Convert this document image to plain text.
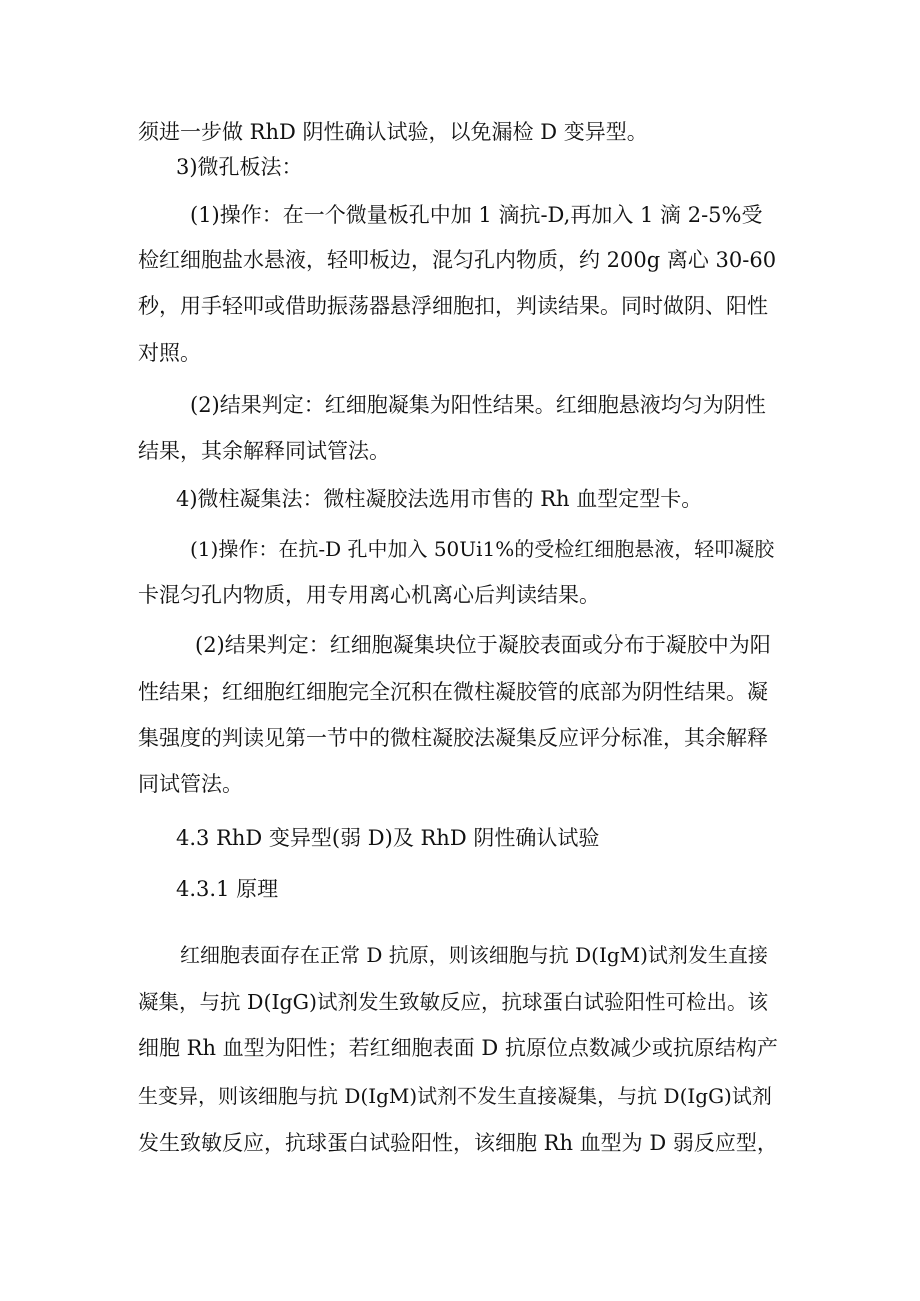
须进一步做 RhD 阴性确认试验，以免漏检 D 变异型。

3)微孔板法：

(1)操作：在一个微量板孔中加 1 滴抗-D,再加入 1 滴 2-5%受

检红细胞盐水悬液，轻叩板边，混匀孔内物质，约 200g 离心 30-60

秒，用手轻叩或借助振荡器悬浮细胞扣，判读结果。同时做阴、阳性

对照。

(2)结果判定：红细胞凝集为阳性结果。红细胞悬液均匀为阴性

结果，其余解释同试管法。

4)微柱凝集法：微柱凝胶法选用市售的 Rh 血型定型卡。

(1)操作：在抗-D 孔中加入 50Ui1%的受检红细胞悬液，轻叩凝胶

卡混匀孔内物质，用专用离心机离心后判读结果。

(2)结果判定：红细胞凝集块位于凝胶表面或分布于凝胶中为阳

性结果；红细胞红细胞完全沉积在微柱凝胶管的底部为阴性结果。凝

集强度的判读见第一节中的微柱凝胶法凝集反应评分标准，其余解释

同试管法。

4.3 RhD 变异型(弱 D)及 RhD 阴性确认试验

4.3.1 原理

红细胞表面存在正常 D 抗原，则该细胞与抗 D(IgM)试剂发生直接

凝集，与抗 D(IgG)试剂发生致敏反应，抗球蛋白试验阳性可检出。该

细胞 Rh 血型为阳性；若红细胞表面 D 抗原位点数减少或抗原结构产

生变异，则该细胞与抗 D(IgM)试剂不发生直接凝集，与抗 D(IgG)试剂

发生致敏反应，抗球蛋白试验阳性，该细胞 Rh 血型为 D 弱反应型，
